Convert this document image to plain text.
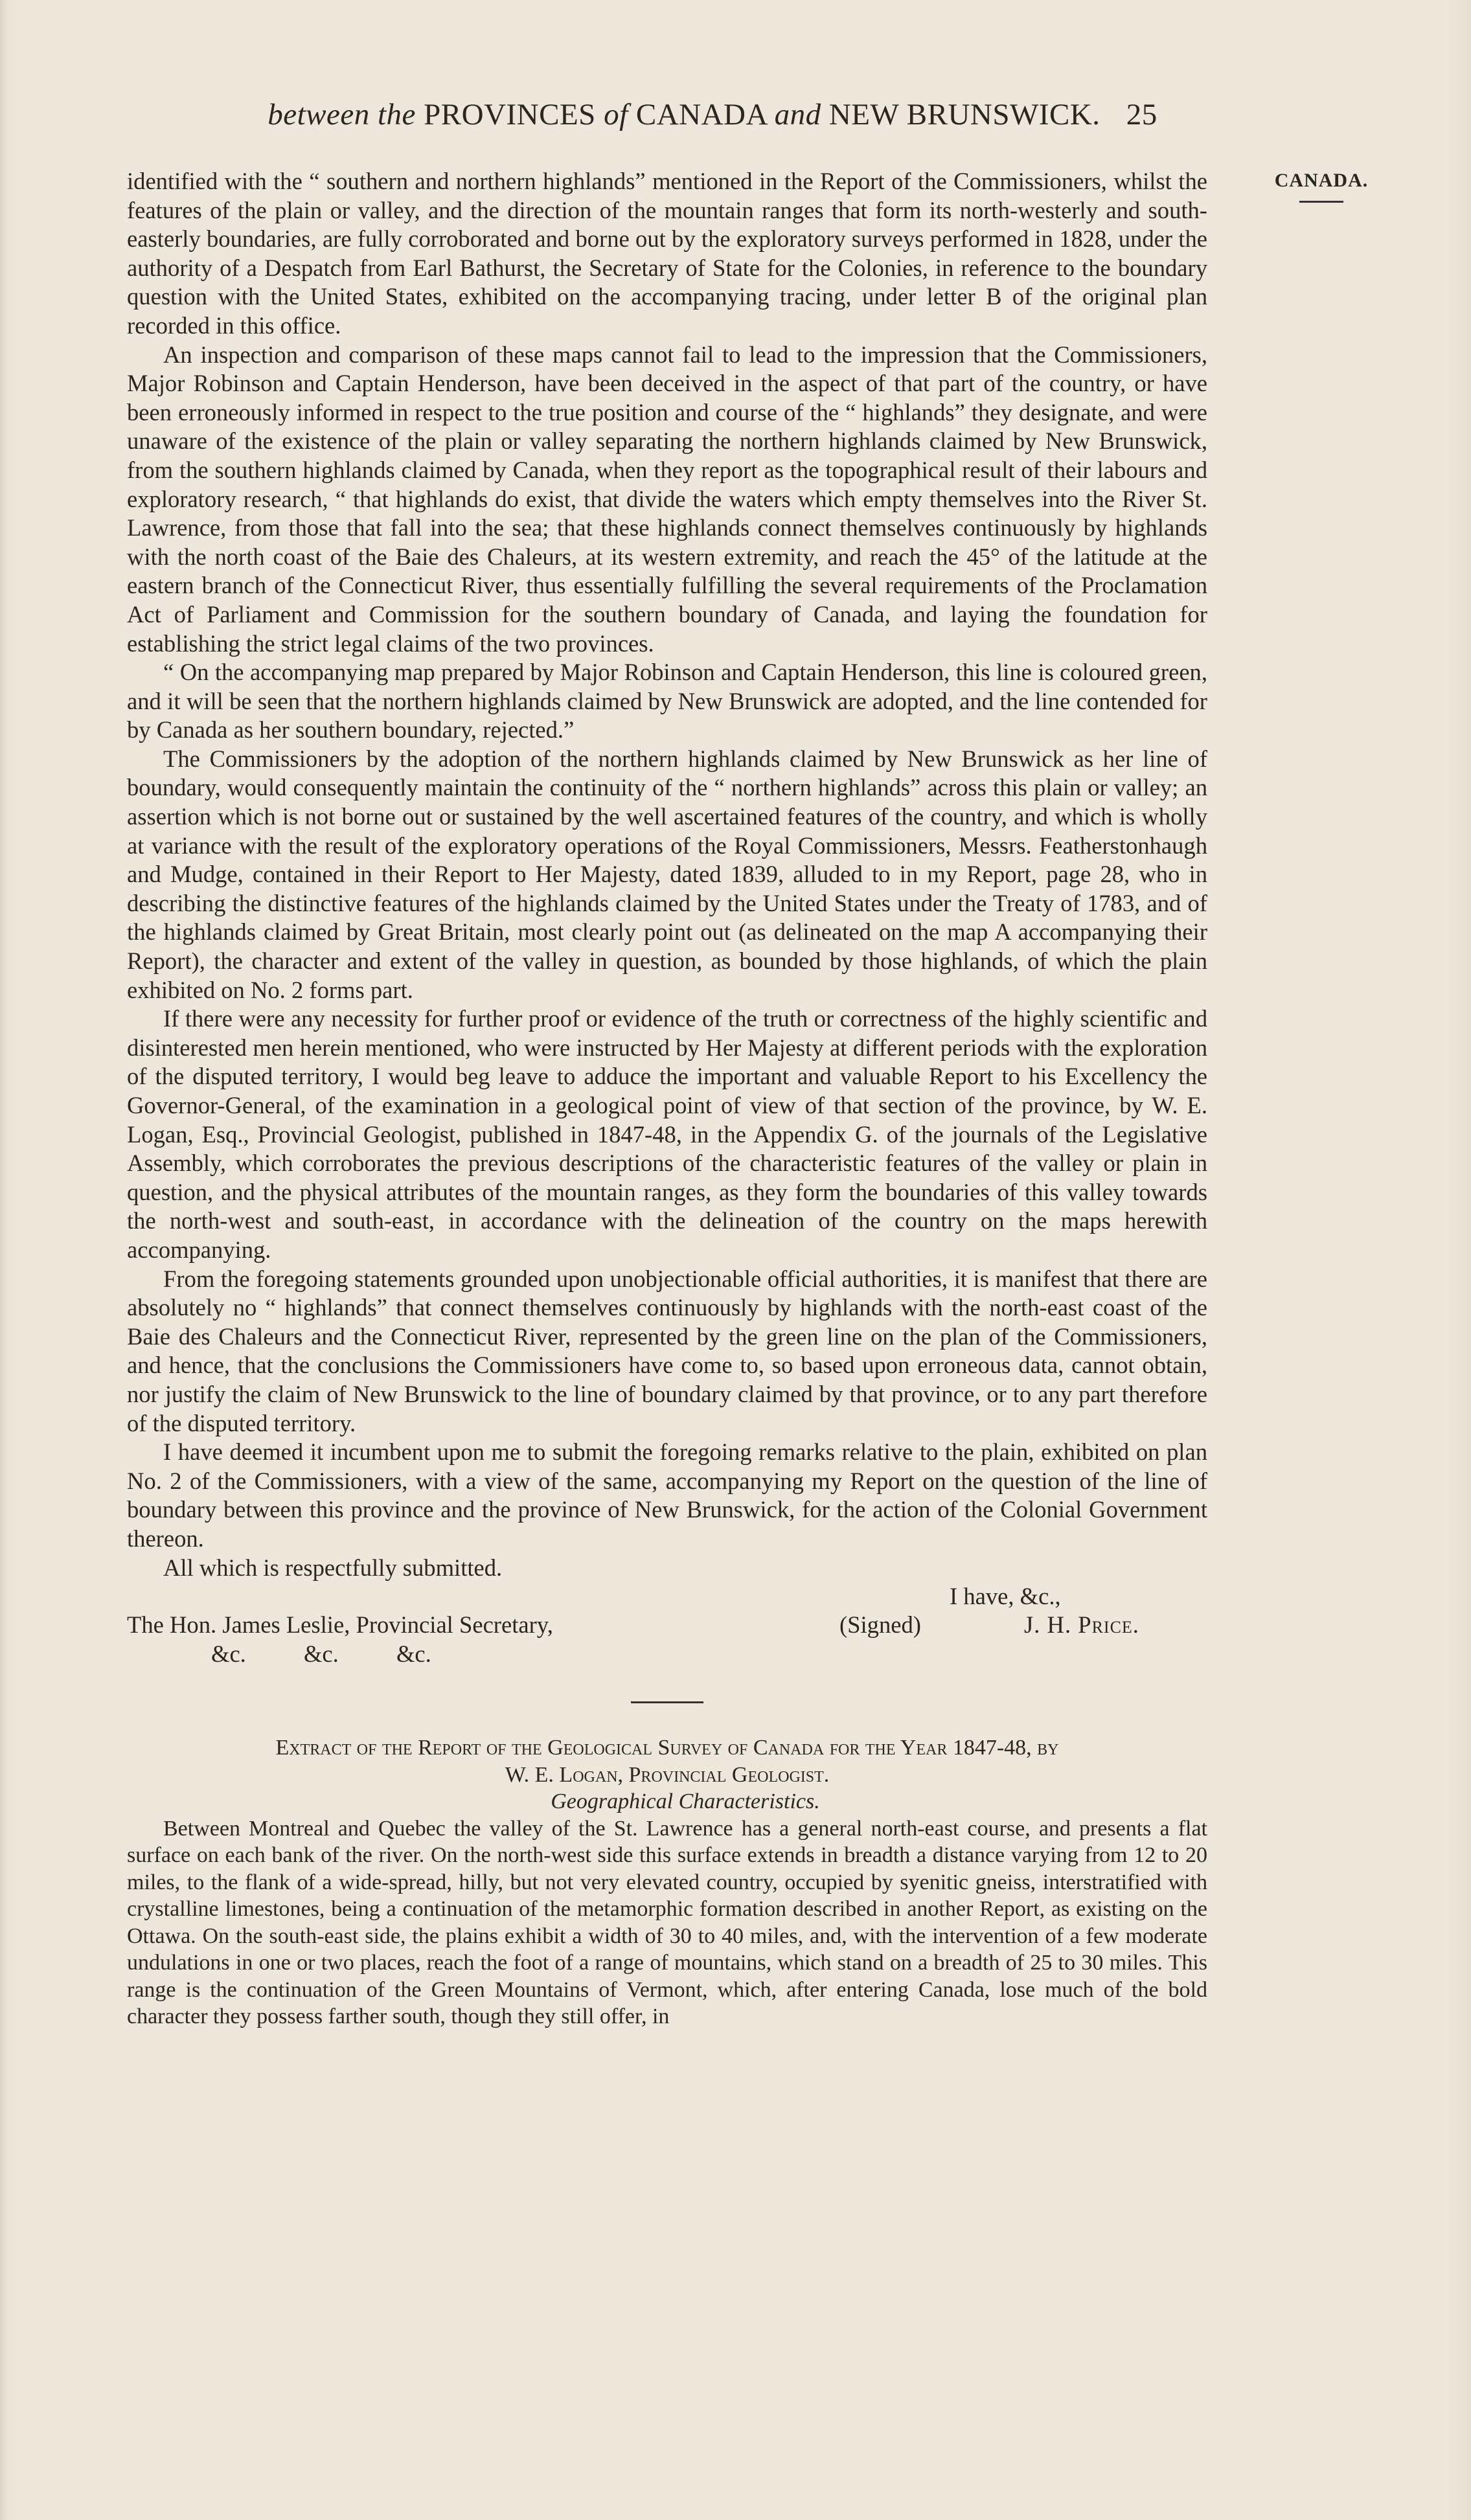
between the PROVINCES of CANADA and NEW BRUNSWICK. 25
CANADA.

identified with the “ southern and northern highlands” mentioned in the Report of the Commissioners, whilst the features of the plain or valley, and the direction of the mountain ranges that form its north-westerly and south-easterly boundaries, are fully corroborated and borne out by the exploratory surveys performed in 1828, under the authority of a Despatch from Earl Bathurst, the Secretary of State for the Colonies, in reference to the boundary question with the United States, exhibited on the accompanying tracing, under letter B of the original plan recorded in this office.

An inspection and comparison of these maps cannot fail to lead to the impression that the Commissioners, Major Robinson and Captain Henderson, have been deceived in the aspect of that part of the country, or have been erroneously informed in respect to the true position and course of the “ highlands” they designate, and were unaware of the existence of the plain or valley separating the northern highlands claimed by New Brunswick, from the southern highlands claimed by Canada, when they report as the topographical result of their labours and exploratory research, “ that highlands do exist, that divide the waters which empty themselves into the River St. Lawrence, from those that fall into the sea; that these highlands connect themselves continuously by highlands with the north coast of the Baie des Chaleurs, at its western extremity, and reach the 45° of the latitude at the eastern branch of the Connecticut River, thus essentially fulfilling the several requirements of the Proclamation Act of Parliament and Commission for the southern boundary of Canada, and laying the foundation for establishing the strict legal claims of the two provinces.

“ On the accompanying map prepared by Major Robinson and Captain Henderson, this line is coloured green, and it will be seen that the northern highlands claimed by New Brunswick are adopted, and the line contended for by Canada as her southern boundary, rejected.”

The Commissioners by the adoption of the northern highlands claimed by New Brunswick as her line of boundary, would consequently maintain the continuity of the “ northern highlands” across this plain or valley; an assertion which is not borne out or sustained by the well ascertained features of the country, and which is wholly at variance with the result of the exploratory operations of the Royal Commissioners, Messrs. Featherstonhaugh and Mudge, contained in their Report to Her Majesty, dated 1839, alluded to in my Report, page 28, who in describing the distinctive features of the highlands claimed by the United States under the Treaty of 1783, and of the highlands claimed by Great Britain, most clearly point out (as delineated on the map A accompanying their Report), the character and extent of the valley in question, as bounded by those highlands, of which the plain exhibited on No. 2 forms part.

If there were any necessity for further proof or evidence of the truth or correctness of the highly scientific and disinterested men herein mentioned, who were instructed by Her Majesty at different periods with the exploration of the disputed territory, I would beg leave to adduce the important and valuable Report to his Excellency the Governor-General, of the examination in a geological point of view of that section of the province, by W. E. Logan, Esq., Provincial Geologist, published in 1847-48, in the Appendix G. of the journals of the Legislative Assembly, which corroborates the previous descriptions of the characteristic features of the valley or plain in question, and the physical attributes of the mountain ranges, as they form the boundaries of this valley towards the north-west and south-east, in accordance with the delineation of the country on the maps herewith accompanying.

From the foregoing statements grounded upon unobjectionable official authorities, it is manifest that there are absolutely no “ highlands” that connect themselves continuously by highlands with the north-east coast of the Baie des Chaleurs and the Connecticut River, represented by the green line on the plan of the Commissioners, and hence, that the conclusions the Commissioners have come to, so based upon erroneous data, cannot obtain, nor justify the claim of New Brunswick to the line of boundary claimed by that province, or to any part therefore of the disputed territory.

I have deemed it incumbent upon me to submit the foregoing remarks relative to the plain, exhibited on plan No. 2 of the Commissioners, with a view of the same, accompanying my Report on the question of the line of boundary between this province and the province of New Brunswick, for the action of the Colonial Government thereon.

All which is respectfully submitted.

I have, &c.,
The Hon. James Leslie, Provincial Secretary,	(Signed)	J. H. Price.
&c. &c. &c.

Extract of the Report of the Geological Survey of Canada for the Year 1847-48, by

W. E. Logan, Provincial Geologist.

Geographical Characteristics.

Between Montreal and Quebec the valley of the St. Lawrence has a general north-east course, and presents a flat surface on each bank of the river. On the north-west side this surface extends in breadth a distance varying from 12 to 20 miles, to the flank of a wide-spread, hilly, but not very elevated country, occupied by syenitic gneiss, interstratified with crystalline limestones, being a continuation of the metamorphic formation described in another Report, as existing on the Ottawa. On the south-east side, the plains exhibit a width of 30 to 40 miles, and, with the intervention of a few moderate undulations in one or two places, reach the foot of a range of mountains, which stand on a breadth of 25 to 30 miles. This range is the continuation of the Green Mountains of Vermont, which, after entering Canada, lose much of the bold character they possess farther south, though they still offer, in
